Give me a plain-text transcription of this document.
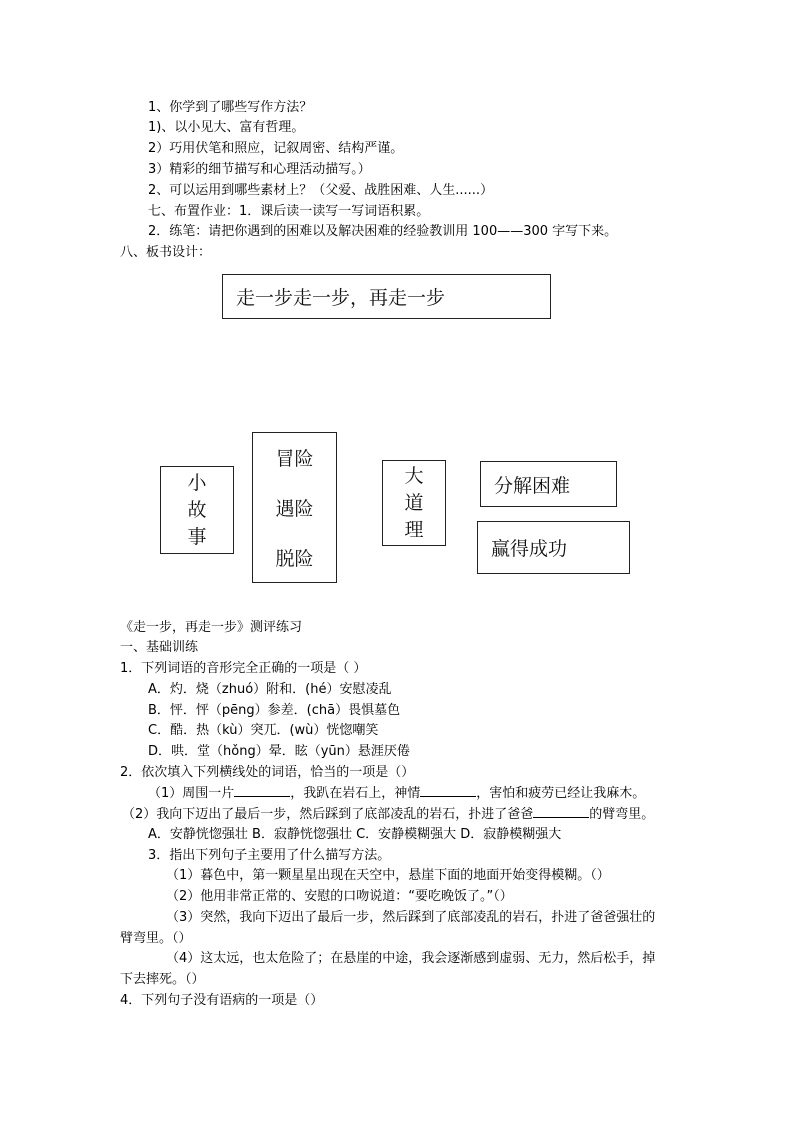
1、你学到了哪些写作方法？
1)、以小见大、富有哲理。
2）巧用伏笔和照应，记叙周密、结构严谨。
3）精彩的细节描写和心理活动描写。）
2、可以运用到哪些素材上？（父爱、战胜困难、人生......）
七、布置作业：1．课后读一读写一写词语积累。
2．练笔：请把你遇到的困难以及解决困难的经验教训用 100——300 字写下来。
八、板书设计：
走一步走一步，再走一步
小
故
事
冒险
遇险
脱险
大
道
理
分解困难
赢得成功
《走一步，再走一步》测评练习
一、基础训练
1．下列词语的音形完全正确的一项是（ ）
A．灼．烧（zhuó）附和．(hé）安慰凌乱
B．怦．怦（pēng）参差．(chā）畏惧墓色
C．酷．热（kù）突兀．(wù）恍惚嘲笑
D．哄．堂（hǒng）晕．眩（yūn）悬涯厌倦
2．依次填入下列横线处的词语，恰当的一项是（）
（1）周围一片	，我趴在岩石上，神情	，害怕和疲劳已经让我麻木。
（2）我向下迈出了最后一步，然后踩到了底部凌乱的岩石，扑进了爸爸	的臂弯里。
A．安静恍惚强壮 B．寂静恍惚强壮 C．安静模糊强大 D．寂静模糊强大
3．指出下列句子主要用了什么描写方法。
（1）暮色中，第一颗星星出现在天空中，悬崖下面的地面开始变得模糊。（）
（2）他用非常正常的、安慰的口吻说道：“要吃晚饭了。”（）
（3）突然，我向下迈出了最后一步，然后踩到了底部凌乱的岩石，扑进了爸爸强壮的
臂弯里。（）
（4）这太远，也太危险了；在悬崖的中途，我会逐渐感到虚弱、无力，然后松手，掉
下去摔死。（）
4．下列句子没有语病的一项是（）
